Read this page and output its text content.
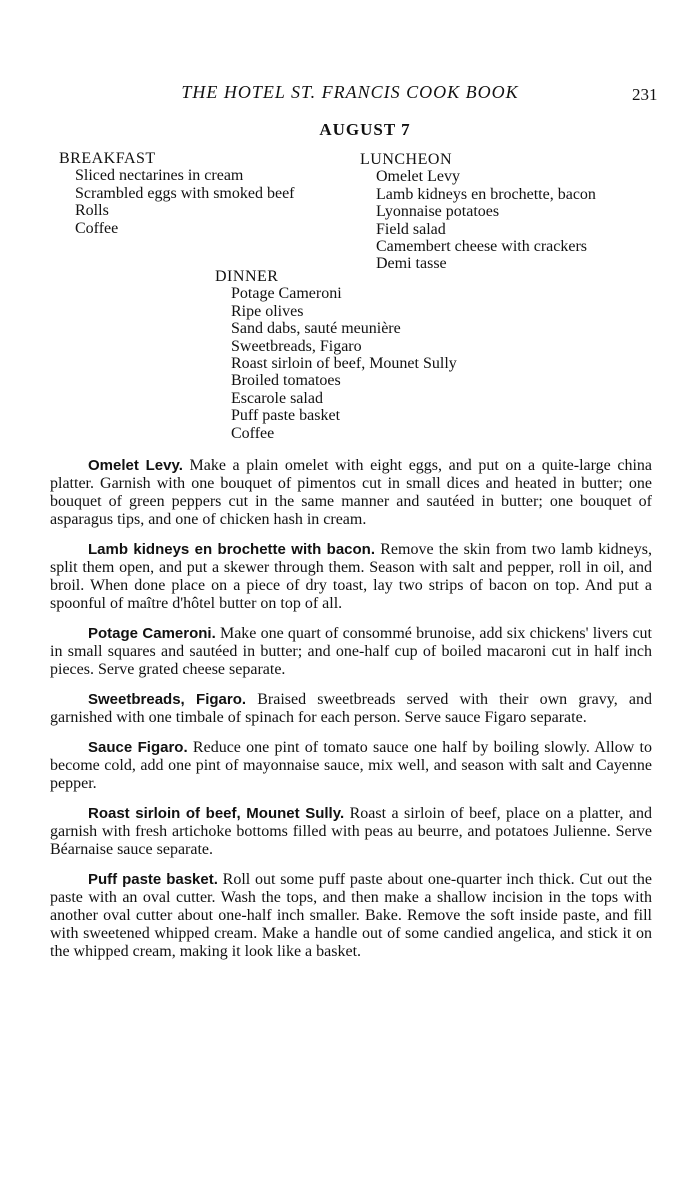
THE HOTEL ST. FRANCIS COOK BOOK	231
AUGUST 7
BREAKFAST
Sliced nectarines in cream
Scrambled eggs with smoked beef
Rolls
Coffee
LUNCHEON
Omelet Levy
Lamb kidneys en brochette, bacon
Lyonnaise potatoes
Field salad
Camembert cheese with crackers
Demi tasse
DINNER
Potage Cameroni
Ripe olives
Sand dabs, sauté meunière
Sweetbreads, Figaro
Roast sirloin of beef, Mounet Sully
Broiled tomatoes
Escarole salad
Puff paste basket
Coffee

Omelet Levy. Make a plain omelet with eight eggs, and put on a quite-large china platter. Garnish with one bouquet of pimentos cut in small dices and heated in butter; one bouquet of green peppers cut in the same manner and sautéed in butter; one bouquet of asparagus tips, and one of chicken hash in cream.

Lamb kidneys en brochette with bacon. Remove the skin from two lamb kidneys, split them open, and put a skewer through them. Season with salt and pepper, roll in oil, and broil. When done place on a piece of dry toast, lay two strips of bacon on top. And put a spoonful of maître d'hôtel butter on top of all.

Potage Cameroni. Make one quart of consommé brunoise, add six chickens' livers cut in small squares and sautéed in butter; and one-half cup of boiled macaroni cut in half inch pieces. Serve grated cheese separate.

Sweetbreads, Figaro. Braised sweetbreads served with their own gravy, and garnished with one timbale of spinach for each person. Serve sauce Figaro separate.

Sauce Figaro. Reduce one pint of tomato sauce one half by boiling slowly. Allow to become cold, add one pint of mayonnaise sauce, mix well, and season with salt and Cayenne pepper.

Roast sirloin of beef, Mounet Sully. Roast a sirloin of beef, place on a platter, and garnish with fresh artichoke bottoms filled with peas au beurre, and potatoes Julienne. Serve Béarnaise sauce separate.

Puff paste basket. Roll out some puff paste about one-quarter inch thick. Cut out the paste with an oval cutter. Wash the tops, and then make a shallow incision in the tops with another oval cutter about one-half inch smaller. Bake. Remove the soft inside paste, and fill with sweetened whipped cream. Make a handle out of some candied angelica, and stick it on the whipped cream, making it look like a basket.
